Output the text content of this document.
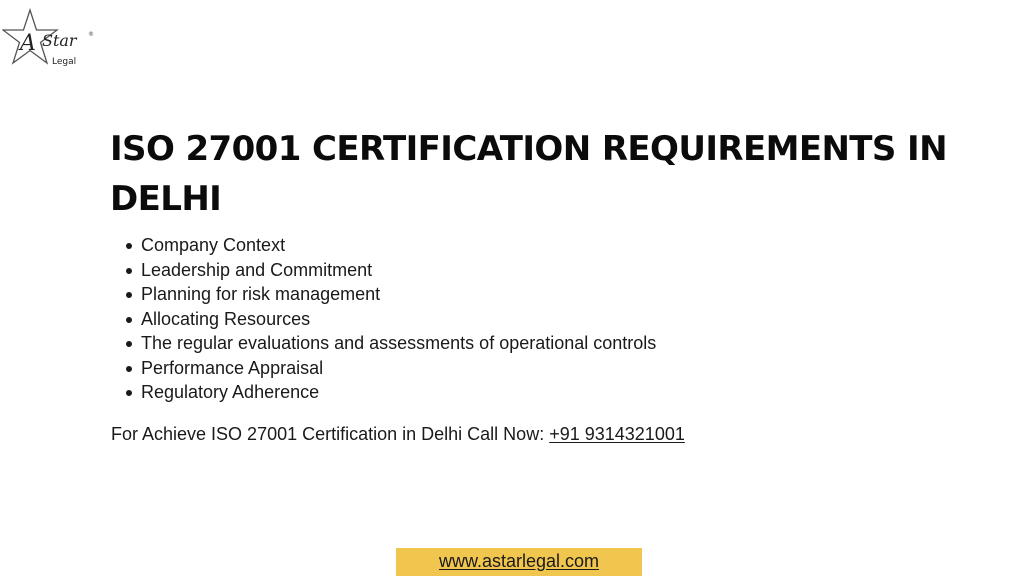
A Star
Legal
®
ISO 27001 CERTIFICATION REQUIREMENTS IN DELHI
Company Context
Leadership and Commitment
Planning for risk management
Allocating Resources
The regular evaluations and assessments of operational controls
Performance Appraisal
Regulatory Adherence
For Achieve ISO 27001 Certification in Delhi Call Now: +91 9314321001
www.astarlegal.com
